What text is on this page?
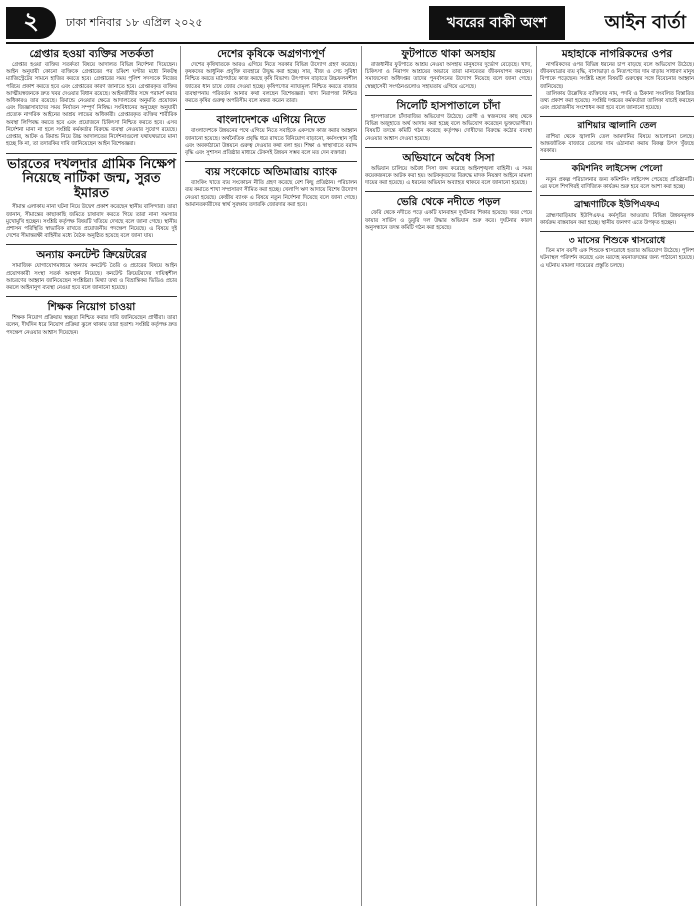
২	ঢাকা শনিবার ১৮ এপ্রিল ২০২৫	খবরের বাকী অংশ	আইন বার্তা
গ্রেপ্তার হওয়া ব্যক্তির সতর্কতা

গ্রেপ্তার হওয়া ব্যক্তির সতর্কতা বিষয়ে আদালত বিভিন্ন নির্দেশনা দিয়েছেন। আইন অনুযায়ী কোনো ব্যক্তিকে গ্রেপ্তারের পর চব্বিশ ঘণ্টার মধ্যে নিকটস্থ ম্যাজিস্ট্রেটের সামনে হাজির করতে হবে। গ্রেপ্তারের সময় পুলিশ সদস্যকে নিজের পরিচয় প্রকাশ করতে হবে এবং গ্রেপ্তারের কারণ জানাতে হবে। গ্রেপ্তারকৃত ব্যক্তির আত্মীয়স্বজনকে দ্রুত খবর দেওয়ার বিধান রয়েছে। আইনজীবীর সঙ্গে পরামর্শ করার অধিকারও তার রয়েছে। রিমান্ডে নেওয়ার ক্ষেত্রে আদালতের অনুমতি প্রয়োজন এবং জিজ্ঞাসাবাদের সময় নির্যাতন সম্পূর্ণ নিষিদ্ধ। সংবিধানের অনুচ্ছেদ অনুযায়ী প্রত্যেক নাগরিক আইনের আশ্রয় লাভের অধিকারী। গ্রেপ্তারকৃত ব্যক্তির শারীরিক অবস্থা লিপিবদ্ধ করতে হবে এবং প্রয়োজনে চিকিৎসা নিশ্চিত করতে হবে। এসব নির্দেশনা মানা না হলে সংশ্লিষ্ট কর্মকর্তার বিরুদ্ধে ব্যবস্থা নেওয়ার সুযোগ রয়েছে। গ্রেপ্তার, আটক ও রিমান্ড নিয়ে উচ্চ আদালতের নির্দেশনাগুলো যথাযথভাবে মানা হচ্ছে কি না, তা তদারকির দাবি জানিয়েছেন আইন বিশেষজ্ঞরা।

ভারতের দখলদার গ্রামিক নিক্ষেপ নিয়েছে নাটিকা জন্ম, সুরত ইমারত

সীমান্ত এলাকায় নানা ঘটনা নিয়ে উদ্বেগ প্রকাশ করেছেন স্থানীয় বাসিন্দারা। তারা জানান, সীমান্তের কাছাকাছি জমিতে চাষাবাদ করতে গিয়ে তারা নানা সমস্যার মুখোমুখি হচ্ছেন। সংশ্লিষ্ট কর্তৃপক্ষ বিষয়টি খতিয়ে দেখছে বলে জানা গেছে। স্থানীয় প্রশাসন পরিস্থিতি স্বাভাবিক রাখতে প্রয়োজনীয় পদক্ষেপ নিয়েছে। এ বিষয়ে দুই দেশের সীমান্তরক্ষী বাহিনীর মধ্যে বৈঠক অনুষ্ঠিত হয়েছে বলে জানা যায়।

অন্যায় কনটেন্ট ক্রিয়েটরের

সামাজিক যোগাযোগমাধ্যমে অন্যায় কনটেন্ট তৈরি ও প্রচারের বিষয়ে আইন প্রয়োগকারী সংস্থা সতর্ক অবস্থান নিয়েছে। কনটেন্ট ক্রিয়েটরদের দায়িত্বশীল আচরণের আহ্বান জানিয়েছেন সংশ্লিষ্টরা। মিথ্যা তথ্য ও বিভ্রান্তিকর ভিডিও প্রচার করলে আইনানুগ ব্যবস্থা নেওয়া হবে বলে জানানো হয়েছে।

শিক্ষক নিয়োগ চাওয়া

শিক্ষক নিয়োগ প্রক্রিয়ায় স্বচ্ছতা নিশ্চিত করার দাবি জানিয়েছেন প্রার্থীরা। তারা বলেন, দীর্ঘদিন ধরে নিয়োগ প্রক্রিয়া ঝুলে থাকায় তারা হতাশ। সংশ্লিষ্ট কর্তৃপক্ষ দ্রুত পদক্ষেপ নেওয়ার আশ্বাস দিয়েছেন।

দেশের কৃষিকে অগ্রগণ্যপূর্ণ

দেশের কৃষিখাতকে আরও এগিয়ে নিতে সরকার বিভিন্ন উদ্যোগ গ্রহণ করেছে। কৃষকদের আধুনিক প্রযুক্তি ব্যবহারে উদ্বুদ্ধ করা হচ্ছে। সার, বীজ ও সেচ সুবিধা নিশ্চিত করতে মাঠপর্যায়ে কাজ করছে কৃষি বিভাগ। উৎপাদন বাড়াতে উচ্চফলনশীল জাতের ধান চাষে জোর দেওয়া হচ্ছে। কৃষিপণ্যের ন্যায্যমূল্য নিশ্চিত করতে বাজার ব্যবস্থাপনায় পরিবর্তন আনার কথা বলছেন বিশেষজ্ঞরা। খাদ্য নিরাপত্তা নিশ্চিত করতে কৃষির গুরুত্ব অপরিসীম বলে মন্তব্য করেন তারা।

বাংলাদেশকে এগিয়ে নিতে

বাংলাদেশকে উন্নয়নের পথে এগিয়ে নিতে সবাইকে একসঙ্গে কাজ করার আহ্বান জানানো হয়েছে। অর্থনৈতিক প্রবৃদ্ধি ধরে রাখতে বিনিয়োগ বাড়ানো, কর্মসংস্থান সৃষ্টি এবং অবকাঠামো উন্নয়নে গুরুত্ব দেওয়ার কথা বলা হয়। শিক্ষা ও স্বাস্থ্যখাতে বরাদ্দ বৃদ্ধি এবং সুশাসন প্রতিষ্ঠার মাধ্যমে টেকসই উন্নয়ন সম্ভব বলে মত দেন বক্তারা।

ব্যয় সংকোচে অতিমাত্রায় ব্যাংক

ব্যাংকিং খাতে ব্যয় সংকোচন নীতি গ্রহণ করেছে বেশ কিছু প্রতিষ্ঠান। পরিচালন ব্যয় কমাতে শাখা সম্প্রসারণ সীমিত করা হচ্ছে। খেলাপি ঋণ আদায়ে বিশেষ উদ্যোগ নেওয়া হয়েছে। কেন্দ্রীয় ব্যাংক এ বিষয়ে নতুন নির্দেশনা দিয়েছে বলে জানা গেছে। আমানতকারীদের স্বার্থ সুরক্ষায় তদারকি জোরদার করা হবে।

ফুটপাতে থাকা অসহায়

রাজধানীর ফুটপাতে আশ্রয় নেওয়া অসহায় মানুষদের দুর্ভোগ বেড়েছে। খাদ্য, চিকিৎসা ও নিরাপদ আশ্রয়ের অভাবে তারা মানবেতর জীবনযাপন করছেন। সমাজসেবা অধিদপ্তর তাদের পুনর্বাসনের উদ্যোগ নিয়েছে বলে জানা গেছে। স্বেচ্ছাসেবী সংগঠনগুলোও সহায়তায় এগিয়ে এসেছে।

সিলেটি হাসপাতালে চাঁদা

হাসপাতালে চাঁদাবাজির অভিযোগ উঠেছে। রোগী ও স্বজনদের কাছ থেকে বিভিন্ন অজুহাতে অর্থ আদায় করা হচ্ছে বলে অভিযোগ করেছেন ভুক্তভোগীরা। বিষয়টি তদন্তে কমিটি গঠন করেছে কর্তৃপক্ষ। দোষীদের বিরুদ্ধে কঠোর ব্যবস্থা নেওয়ার আশ্বাস দেওয়া হয়েছে।

অভিযানে অবৈধ সিসা

অভিযান চালিয়ে অবৈধ সিসা জব্দ করেছে আইনশৃঙ্খলা বাহিনী। এ সময় কয়েকজনকে আটক করা হয়। আটককৃতদের বিরুদ্ধে মাদক নিয়ন্ত্রণ আইনে মামলা দায়ের করা হয়েছে। এ ধরনের অভিযান অব্যাহত থাকবে বলে জানানো হয়েছে।

ভেরি থেকে নদীতে পড়ল

ফেরি থেকে নদীতে পড়ে একটি যানবাহন দুর্ঘটনার শিকার হয়েছে। খবর পেয়ে ফায়ার সার্ভিস ও ডুবুরি দল উদ্ধার অভিযান শুরু করে। দুর্ঘটনার কারণ অনুসন্ধানে তদন্ত কমিটি গঠন করা হয়েছে।

মহাহাকে নাগরিকদের ওপর

নাগরিকদের ওপর বিভিন্ন ধরনের চাপ বাড়ছে বলে অভিযোগ উঠেছে। জীবনযাত্রার ব্যয় বৃদ্ধি, বাসাভাড়া ও নিত্যপণ্যের দাম বাড়ায় সাধারণ মানুষ বিপাকে পড়েছেন। সংশ্লিষ্ট মহল বিষয়টি গুরুত্বের সঙ্গে বিবেচনার আহ্বান জানিয়েছে।

তালিকায় উল্লেখিত ব্যক্তিদের নাম, পদবি ও ঠিকানা সংবলিত বিস্তারিত তথ্য প্রকাশ করা হয়েছে। সংশ্লিষ্ট দপ্তরের কর্মকর্তারা তালিকা যাচাই করছেন এবং প্রয়োজনীয় সংশোধন করা হবে বলে জানানো হয়েছে।

রাশিয়ার জ্বালানি তেল

রাশিয়া থেকে জ্বালানি তেল আমদানির বিষয়ে আলোচনা চলছে। আন্তর্জাতিক বাজারে তেলের দাম ওঠানামা করায় বিকল্প উৎস খুঁজছে সরকার।

কমিশনিং লাইসেন্স পেলো

নতুন প্রকল্প পরিচালনার জন্য কমিশনিং লাইসেন্স পেয়েছে প্রতিষ্ঠানটি। এর ফলে শিগগিরই বাণিজ্যিক কার্যক্রম শুরু হবে বলে আশা করা হচ্ছে।

ব্রাহ্মণাটিকে ইউপিএফএ

ব্রাহ্মণবাড়িয়ায় ইউপিএফএ কর্মসূচির আওতায় বিভিন্ন উন্নয়নমূলক কার্যক্রম বাস্তবায়ন করা হচ্ছে। স্থানীয় জনগণ এতে উপকৃত হচ্ছেন।

৩ মাসের শিশুকে শ্বাসরোধে

তিন মাস বয়সী এক শিশুকে শ্বাসরোধে হত্যার অভিযোগ উঠেছে। পুলিশ ঘটনাস্থল পরিদর্শন করেছে এবং মরদেহ ময়নাতদন্তের জন্য পাঠানো হয়েছে। এ ঘটনায় মামলা দায়েরের প্রস্তুতি চলছে।
